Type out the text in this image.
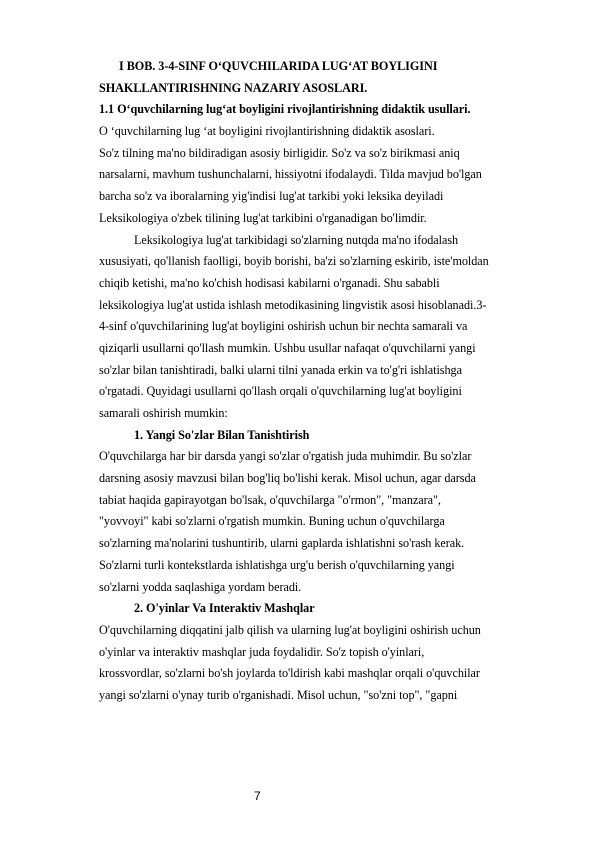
I BOB. 3-4-SINF O‘QUVCHILARIDA LUG‘AT BOYLIGINI
SHAKLLANTIRISHNING NAZARIY ASOSLARI.
1.1 O‘quvchilarning lug‘at boyligini rivojlantirishning didaktik usullari.
O ‘quvchilarning lug ‘at boyligini rivojlantirishning didaktik asoslari.
So'z tilning ma'no bildiradigan asosiy birligidir. So'z va so'z birikmasi aniq
narsalarni, mavhum tushunchalarni, hissiyotni ifodalaydi. Tilda mavjud bo'lgan
barcha so'z va iboralarning yig'indisi lug'at tarkibi yoki leksika deyiladi
Leksikologiya o'zbek tilining lug'at tarkibini o'rganadigan bo'limdir.
Leksikologiya lug'at tarkibidagi so'zlarning nutqda ma'no ifodalash
xususiyati, qo'llanish faolligi, boyib borishi, ba'zi so'zlarning eskirib, iste'moldan
chiqib ketishi, ma'no ko'chish hodisasi kabilarni o'rganadi. Shu sababli
leksikologiya lug'at ustida ishlash metodikasining lingvistik asosi hisoblanadi.3-
4-sinf o'quvchilarining lug'at boyligini oshirish uchun bir nechta samarali va
qiziqarli usullarni qo'llash mumkin. Ushbu usullar nafaqat o'quvchilarni yangi
so'zlar bilan tanishtiradi, balki ularni tilni yanada erkin va to'g'ri ishlatishga
o'rgatadi. Quyidagi usullarni qo'llash orqali o'quvchilarning lug'at boyligini
samarali oshirish mumkin:
1. Yangi So'zlar Bilan Tanishtirish
O'quvchilarga har bir darsda yangi so'zlar o'rgatish juda muhimdir. Bu so'zlar
darsning asosiy mavzusi bilan bog'liq bo'lishi kerak. Misol uchun, agar darsda
tabiat haqida gapirayotgan bo'lsak, o'quvchilarga "o'rmon", "manzara",
"yovvoyi" kabi so'zlarni o'rgatish mumkin. Buning uchun o'quvchilarga
so'zlarning ma'nolarini tushuntirib, ularni gaplarda ishlatishni so'rash kerak.
So'zlarni turli kontekstlarda ishlatishga urg'u berish o'quvchilarning yangi
so'zlarni yodda saqlashiga yordam beradi.
2. O'yinlar Va Interaktiv Mashqlar
O'quvchilarning diqqatini jalb qilish va ularning lug'at boyligini oshirish uchun
o'yinlar va interaktiv mashqlar juda foydalidir. So'z topish o'yinlari,
krossvordlar, so'zlarni bo'sh joylarda to'ldirish kabi mashqlar orqali o'quvchilar
yangi so'zlarni o'ynay turib o'rganishadi. Misol uchun, "so'zni top", "gapni
7
